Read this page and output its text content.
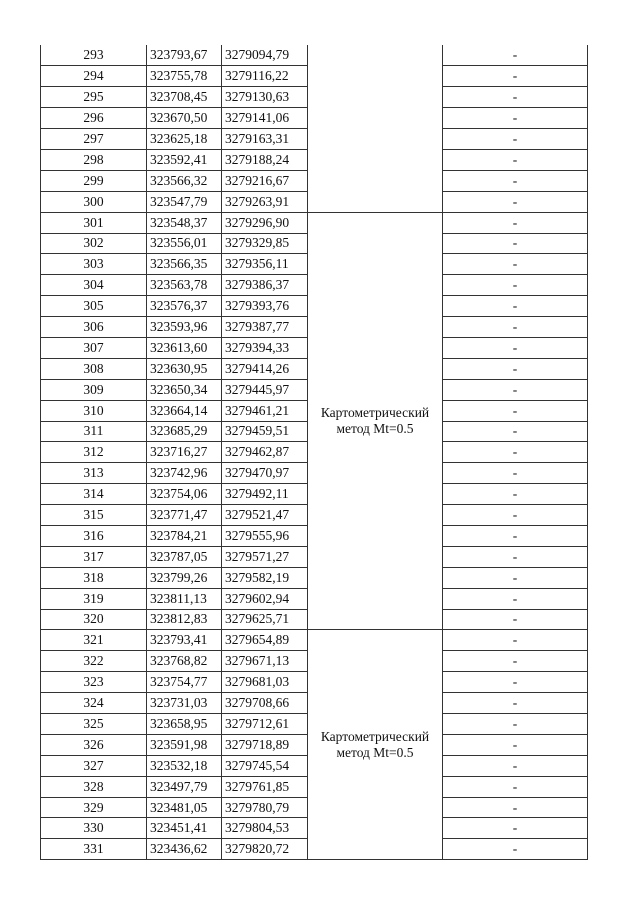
293	323793,67	3279094,79		-
294	323755,78	3279116,22		-
295	323708,45	3279130,63		-
296	323670,50	3279141,06		-
297	323625,18	3279163,31		-
298	323592,41	3279188,24		-
299	323566,32	3279216,67		-
300	323547,79	3279263,91		-
301	323548,37	3279296,90	Картометрический метод Mt=0.5	-
302	323556,01	3279329,85		-
303	323566,35	3279356,11		-
304	323563,78	3279386,37		-
305	323576,37	3279393,76		-
306	323593,96	3279387,77		-
307	323613,60	3279394,33		-
308	323630,95	3279414,26		-
309	323650,34	3279445,97		-
310	323664,14	3279461,21		-
311	323685,29	3279459,51		-
312	323716,27	3279462,87		-
313	323742,96	3279470,97		-
314	323754,06	3279492,11		-
315	323771,47	3279521,47		-
316	323784,21	3279555,96		-
317	323787,05	3279571,27		-
318	323799,26	3279582,19		-
319	323811,13	3279602,94		-
320	323812,83	3279625,71		-
321	323793,41	3279654,89	Картометрический метод Mt=0.5	-
322	323768,82	3279671,13		-
323	323754,77	3279681,03		-
324	323731,03	3279708,66		-
325	323658,95	3279712,61		-
326	323591,98	3279718,89		-
327	323532,18	3279745,54		-
328	323497,79	3279761,85		-
329	323481,05	3279780,79		-
330	323451,41	3279804,53		-
331	323436,62	3279820,72		-
